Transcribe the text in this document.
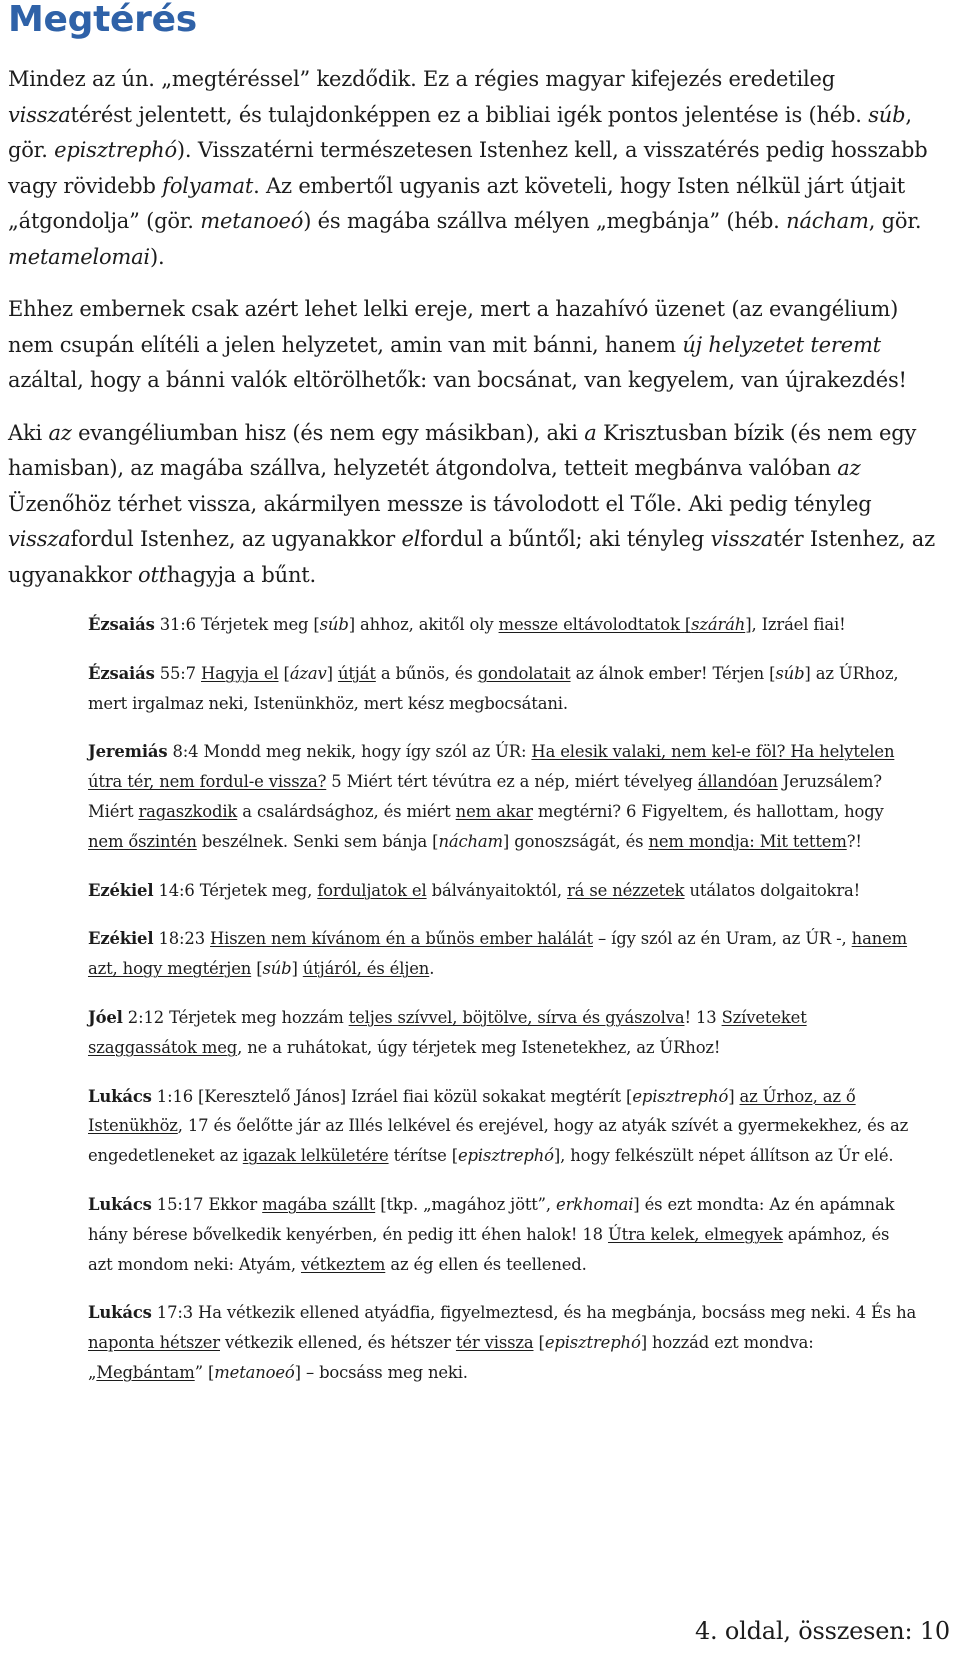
Megtérés

Mindez az ún. „megtéréssel” kezdődik. Ez a régies magyar kifejezés eredetileg visszatérést jelentett, és tulajdonképpen ez a bibliai igék pontos jelentése is (héb. súb, gör. episztrephó). Visszatérni természetesen Istenhez kell, a visszatérés pedig hosszabb vagy rövidebb folyamat. Az embertől ugyanis azt követeli, hogy Isten nélkül járt útjait „átgondolja” (gör. metanoeó) és magába szállva mélyen „megbánja” (héb. nácham, gör. metamelomai).

Ehhez embernek csak azért lehet lelki ereje, mert a hazahívó üzenet (az evangélium) nem csupán elítéli a jelen helyzetet, amin van mit bánni, hanem új helyzetet teremt azáltal, hogy a bánni valók eltörölhetők: van bocsánat, van kegyelem, van újrakezdés!

Aki az evangéliumban hisz (és nem egy másikban), aki a Krisztusban bízik (és nem egy hamisban), az magába szállva, helyzetét átgondolva, tetteit megbánva valóban az Üzenőhöz térhet vissza, akármilyen messze is távolodott el Tőle. Aki pedig tényleg visszafordul Istenhez, az ugyanakkor elfordul a bűntől; aki tényleg visszatér Istenhez, az ugyanakkor otthagyja a bűnt.

Ézsaiás 31:6 Térjetek meg [súb] ahhoz, akitől oly messze eltávolodtatok [száráh], Izráel fiai!

Ézsaiás 55:7 Hagyja el [ázav] útját a bűnös, és gondolatait az álnok ember! Térjen [súb] az ÚRhoz, mert irgalmaz neki, Istenünkhöz, mert kész megbocsátani.

Jeremiás 8:4 Mondd meg nekik, hogy így szól az ÚR: Ha elesik valaki, nem kel-e föl? Ha helytelen útra tér, nem fordul-e vissza? 5 Miért tért tévútra ez a nép, miért tévelyeg állandóan Jeruzsálem? Miért ragaszkodik a csalárdsághoz, és miért nem akar megtérni? 6 Figyeltem, és hallottam, hogy nem őszintén beszélnek. Senki sem bánja [nácham] gonoszságát, és nem mondja: Mit tettem?!

Ezékiel 14:6 Térjetek meg, forduljatok el bálványaitoktól, rá se nézzetek utálatos dolgaitokra!

Ezékiel 18:23 Hiszen nem kívánom én a bűnös ember halálát – így szól az én Uram, az ÚR -, hanem azt, hogy megtérjen [súb] útjáról, és éljen.

Jóel 2:12 Térjetek meg hozzám teljes szívvel, böjtölve, sírva és gyászolva! 13 Szíveteket szaggassátok meg, ne a ruhátokat, úgy térjetek meg Istenetekhez, az ÚRhoz!

Lukács 1:16 [Keresztelő János] Izráel fiai közül sokakat megtérít [episztrephó] az Úrhoz, az ő Istenükhöz, 17 és őelőtte jár az Illés lelkével és erejével, hogy az atyák szívét a gyermekekhez, és az engedetleneket az igazak lelkületére térítse [episztrephó], hogy felkészült népet állítson az Úr elé.

Lukács 15:17 Ekkor magába szállt [tkp. „magához jött”, erkhomai] és ezt mondta: Az én apámnak hány bérese bővelkedik kenyérben, én pedig itt éhen halok! 18 Útra kelek, elmegyek apámhoz, és azt mondom neki: Atyám, vétkeztem az ég ellen és teellened.

Lukács 17:3 Ha vétkezik ellened atyádfia, figyelmeztesd, és ha megbánja, bocsáss meg neki. 4 És ha naponta hétszer vétkezik ellened, és hétszer tér vissza [episztrephó] hozzád ezt mondva: „Megbántam” [metanoeó] – bocsáss meg neki.

4. oldal, összesen: 10
